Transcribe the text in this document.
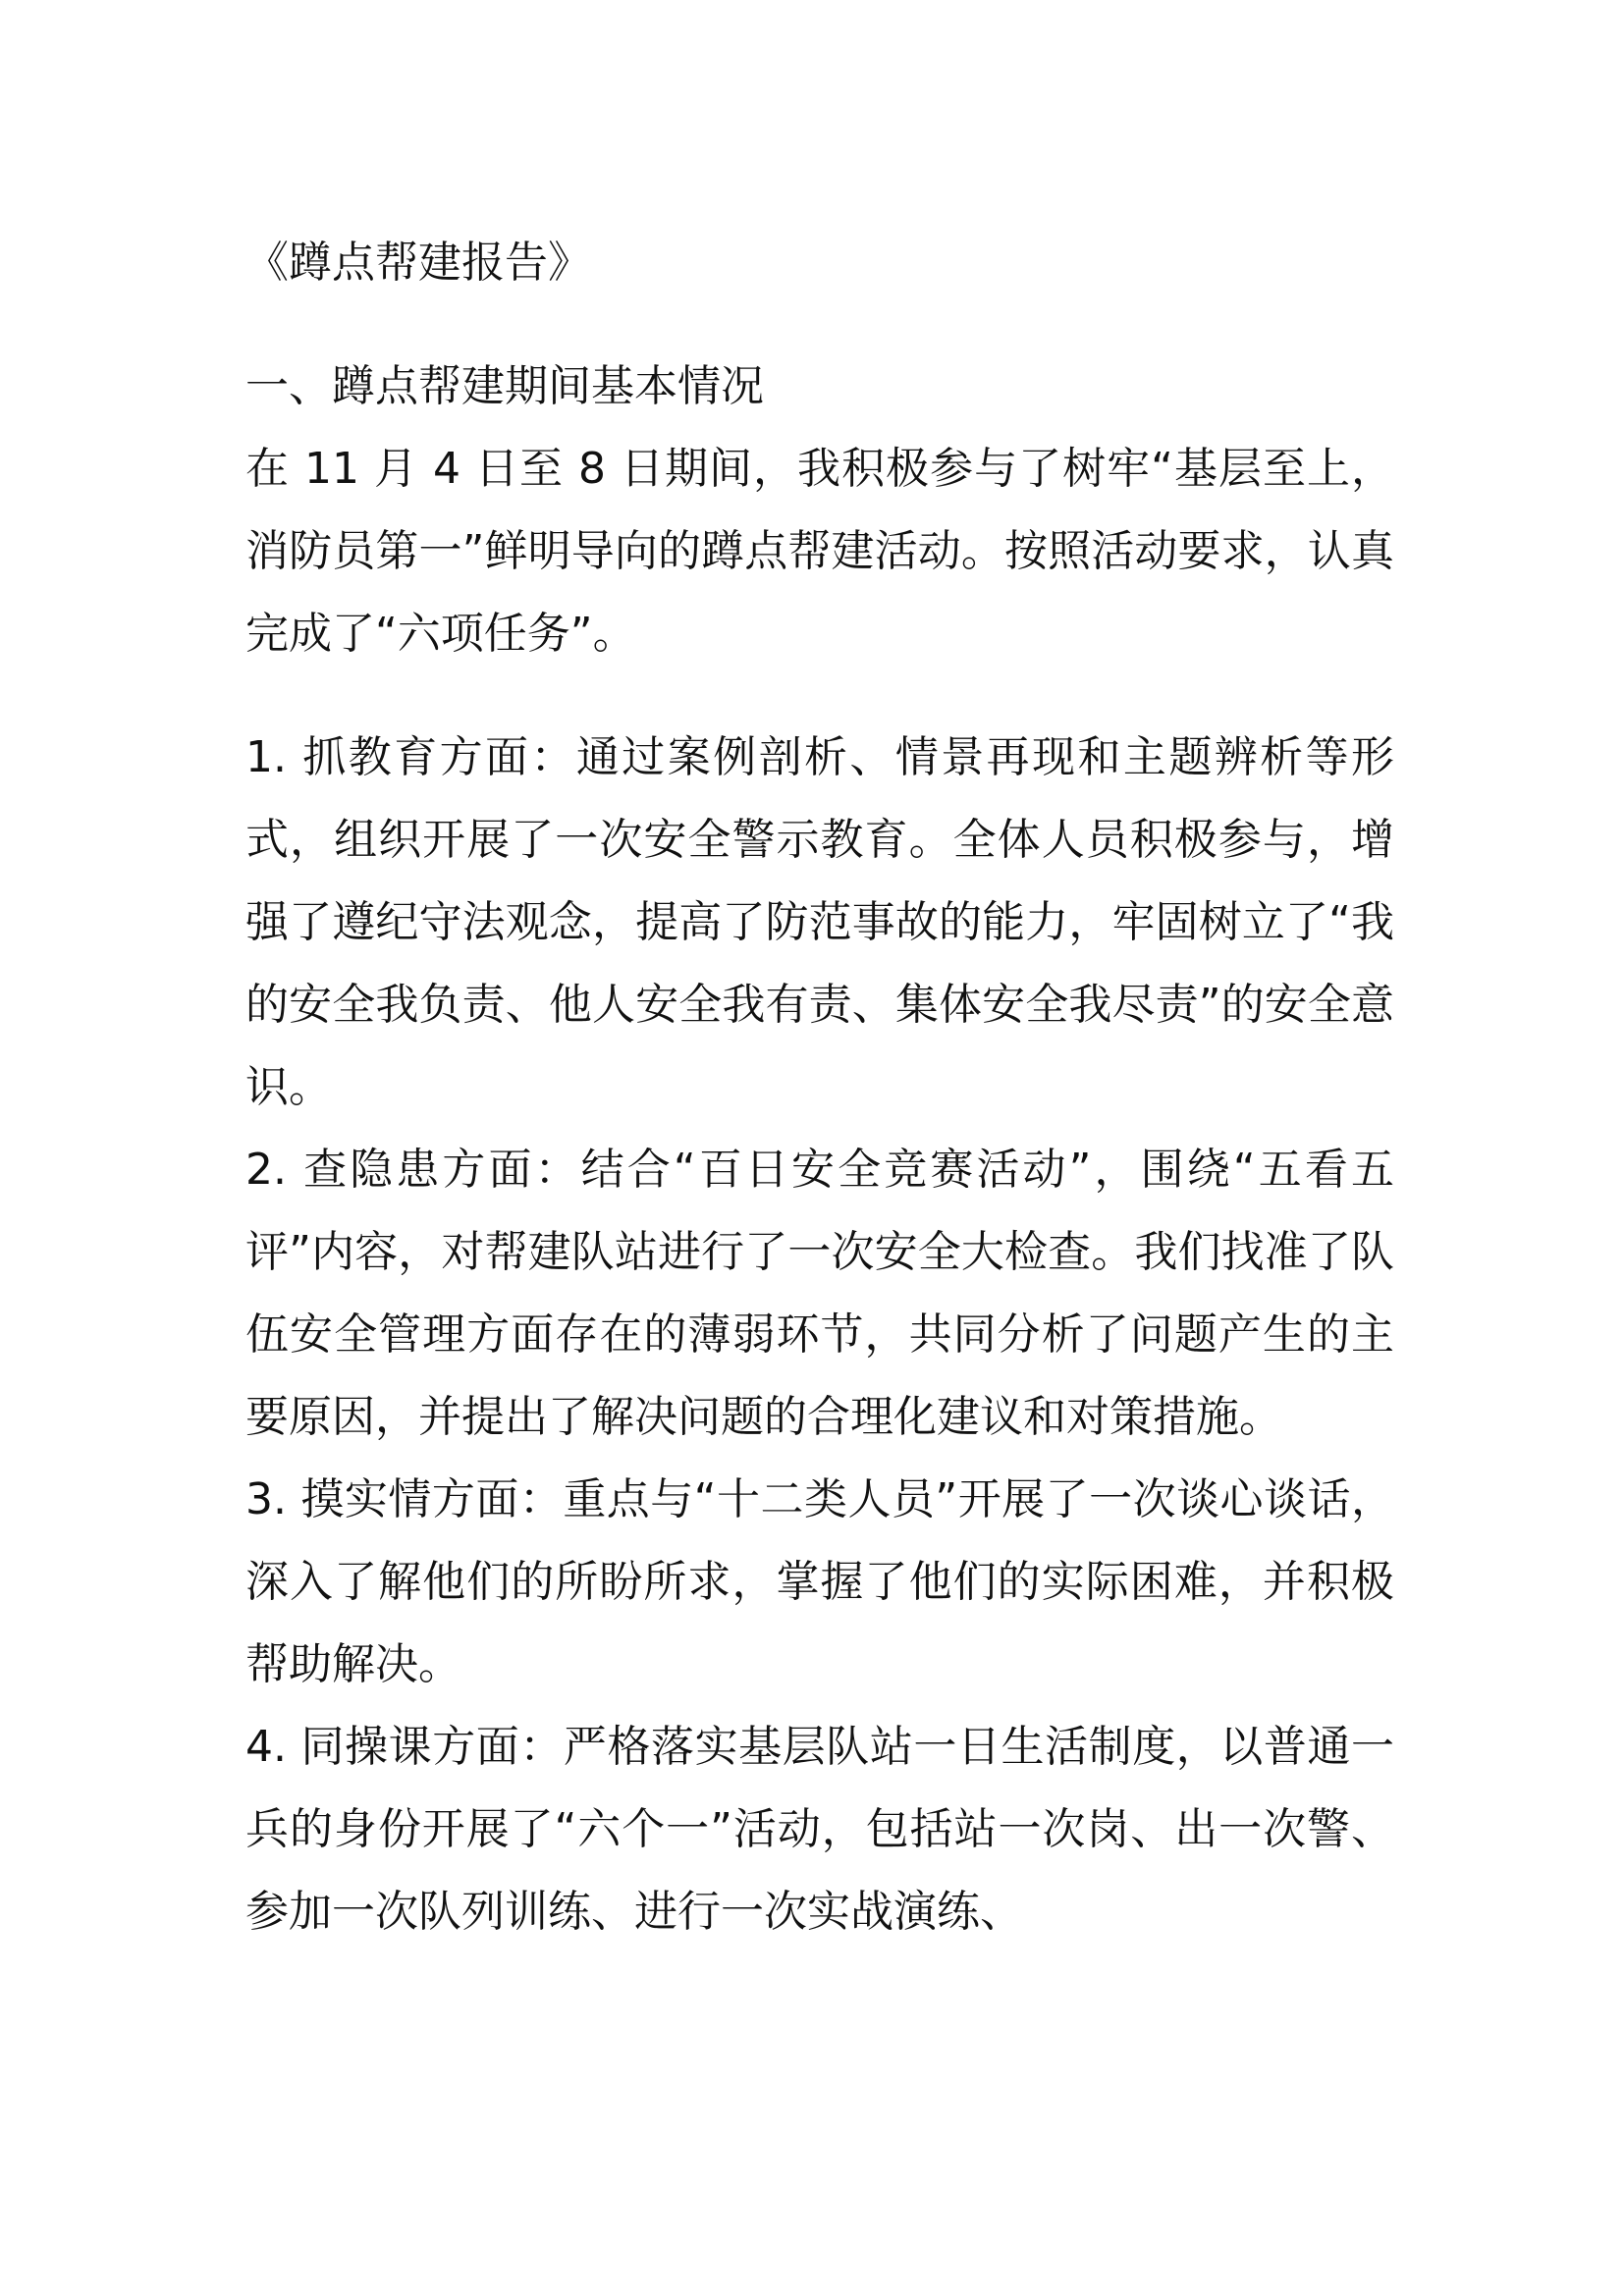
《蹲点帮建报告》

一、蹲点帮建期间基本情况

在 11 月 4 日至 8 日期间，我积极参与了树牢“基层至上，消防员第一”鲜明导向的蹲点帮建活动。按照活动要求，认真完成了“六项任务”。

1. 抓教育方面：通过案例剖析、情景再现和主题辨析等形式，组织开展了一次安全警示教育。全体人员积极参与，增强了遵纪守法观念，提高了防范事故的能力，牢固树立了“我的安全我负责、他人安全我有责、集体安全我尽责”的安全意识。

2. 查隐患方面：结合“百日安全竞赛活动”，围绕“五看五评”内容，对帮建队站进行了一次安全大检查。我们找准了队伍安全管理方面存在的薄弱环节，共同分析了问题产生的主要原因，并提出了解决问题的合理化建议和对策措施。

3. 摸实情方面：重点与“十二类人员”开展了一次谈心谈话，深入了解他们的所盼所求，掌握了他们的实际困难，并积极帮助解决。

4. 同操课方面：严格落实基层队站一日生活制度，以普通一兵的身份开展了“六个一”活动，包括站一次岗、出一次警、参加一次队列训练、进行一次实战演练、
